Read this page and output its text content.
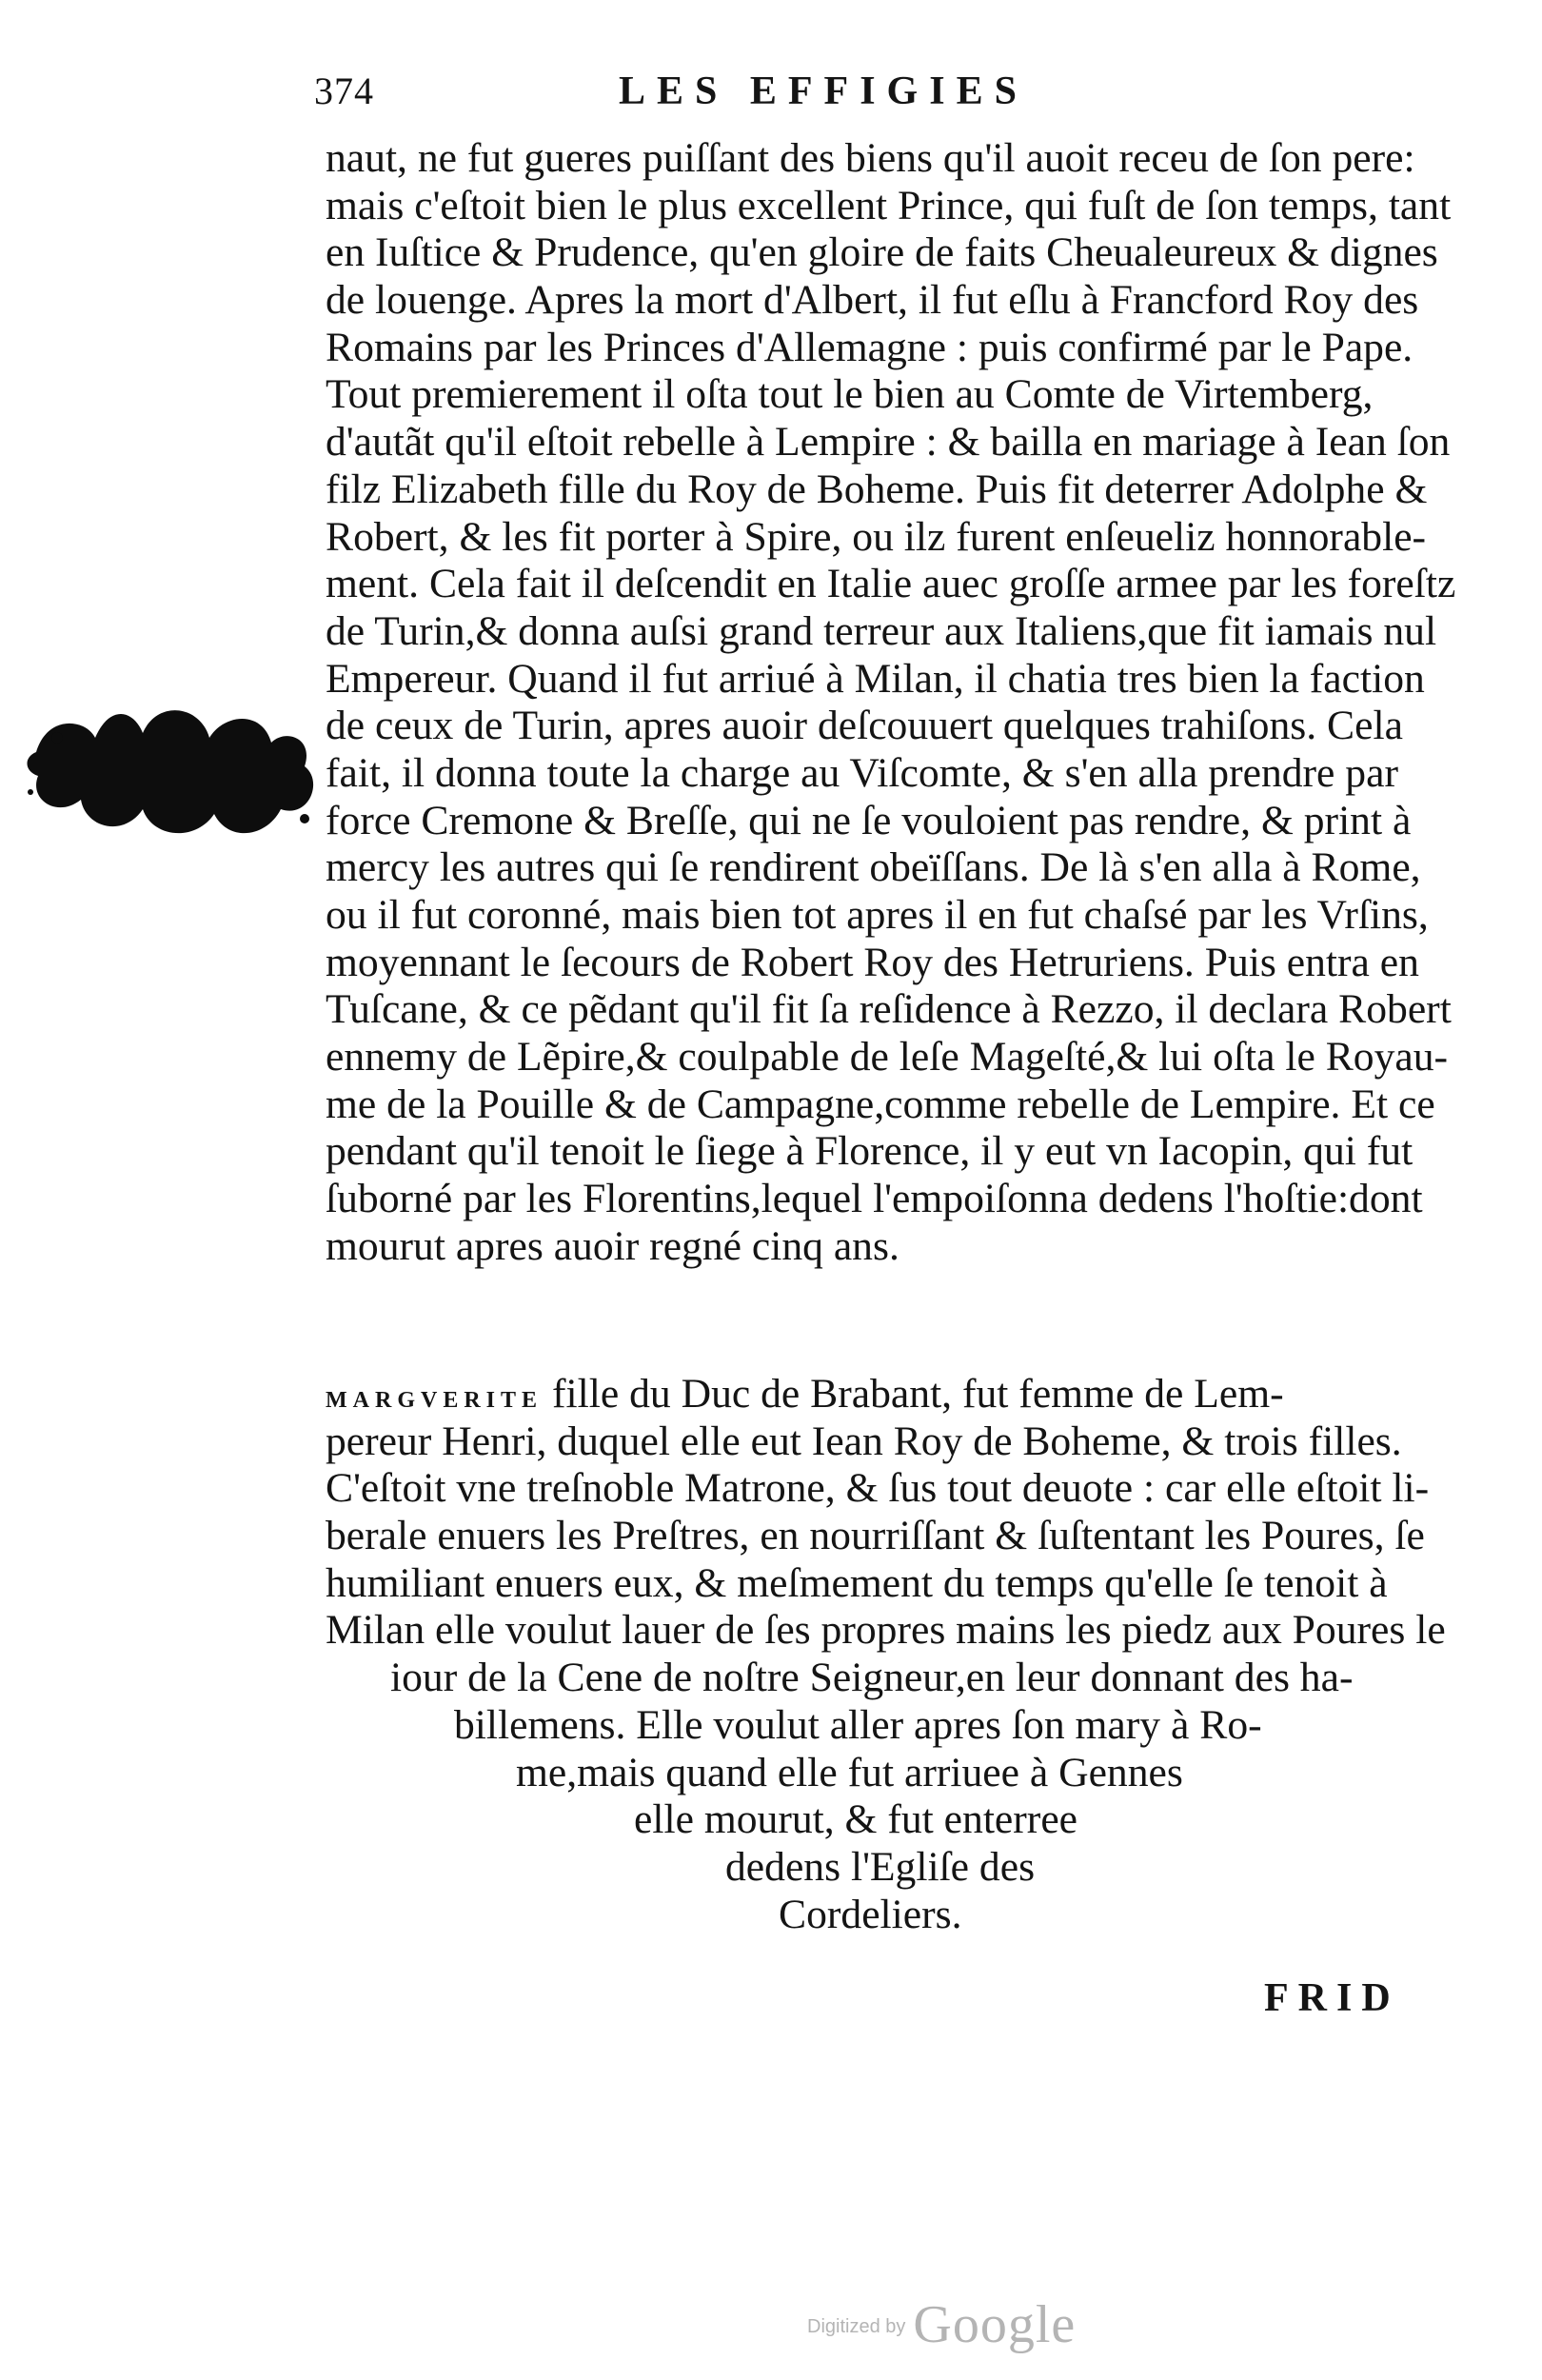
374	LES EFFIGIES
naut, ne fut gueres puiſſant des biens qu'il auoit receu de ſon pere:
mais c'eſtoit bien le plus excellent Prince, qui fuſt de ſon temps, tant
en Iuſtice & Prudence, qu'en gloire de faits Cheualeureux & dignes
de louenge. Apres la mort d'Albert, il fut eſlu à Francford Roy des
Romains par les Princes d'Allemagne : puis confirmé par le Pape.
Tout premierement il oſta tout le bien au Comte de Virtemberg,
d'autãt qu'il eſtoit rebelle à Lempire : & bailla en mariage à Iean ſon
filz Elizabeth fille du Roy de Boheme. Puis fit deterrer Adolphe &
Robert, & les fit porter à Spire, ou ilz furent enſeueliz honnorable-
ment. Cela fait il deſcendit en Italie auec groſſe armee par les foreſtz
de Turin,& donna auſsi grand terreur aux Italiens,que fit iamais nul
Empereur. Quand il fut arriué à Milan, il chatia tres bien la faction
de ceux de Turin, apres auoir deſcouuert quelques trahiſons. Cela
fait, il donna toute la charge au Viſcomte, & s'en alla prendre par
force Cremone & Breſſe, qui ne ſe vouloient pas rendre, & print à
mercy les autres qui ſe rendirent obeïſſans. De là s'en alla à Rome,
ou il fut coronné, mais bien tot apres il en fut chaſsé par les Vrſins,
moyennant le ſecours de Robert Roy des Hetruriens. Puis entra en
Tuſcane, & ce pẽdant qu'il fit ſa reſidence à Rezzo, il declara Robert
ennemy de Lẽpire,& coulpable de leſe Mageſté,& lui oſta le Royau-
me de la Pouille & de Campagne,comme rebelle de Lempire. Et ce
pendant qu'il tenoit le ſiege à Florence, il y eut vn Iacopin, qui fut
ſuborné par les Florentins,lequel l'empoiſonna dedens l'hoſtie:dont
mourut apres auoir regné cinq ans.
MARGVERITE fille du Duc de Brabant, fut femme de Lem-
pereur Henri, duquel elle eut Iean Roy de Boheme, & trois filles.
C'eſtoit vne treſnoble Matrone, & ſus tout deuote : car elle eſtoit li-
berale enuers les Preſtres, en nourriſſant & ſuſtentant les Poures, ſe
humiliant enuers eux, & meſmement du temps qu'elle ſe tenoit à
Milan elle voulut lauer de ſes propres mains les piedz aux Poures le
iour de la Cene de noſtre Seigneur,en leur donnant des ha-
billemens. Elle voulut aller apres ſon mary à Ro-
me,mais quand elle fut arriuee à Gennes
elle mourut, & fut enterree
dedens l'Egliſe des
Cordeliers.
FRID
Digitized by Google
